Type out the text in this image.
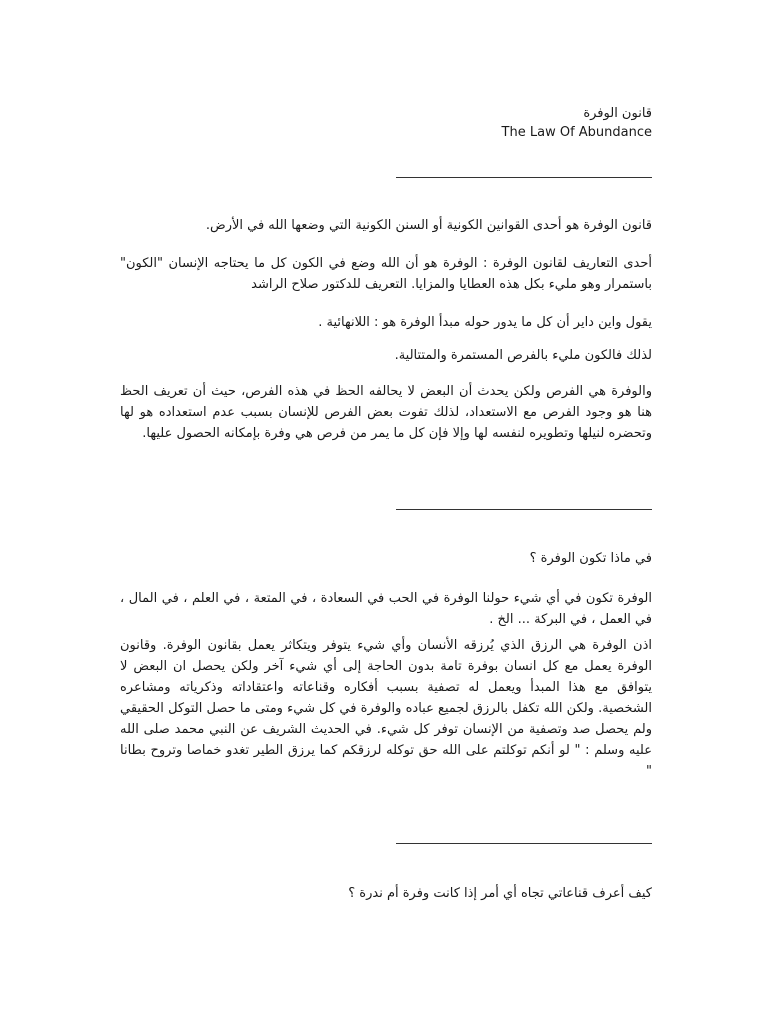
قانون الوفرة

The Law Of Abundance

قانون الوفرة هو أحدى القوانين الكونية أو السنن الكونية التي وضعها الله في الأرض.

أحدى التعاريف لقانون الوفرة : الوفرة هو أن الله وضع في الكون كل ما يحتاجه الإنسان "الكون" باستمرار وهو مليء بكل هذه العطايا والمزايا. التعريف للدكتور صلاح الراشد

يقول واين داير أن كل ما يدور حوله مبدأ الوفرة هو : اللانهائية .

لذلك فالكون مليء بالفرص المستمرة والمتتالية.

والوفرة هي الفرص ولكن يحدث أن البعض لا يحالفه الحظ في هذه الفرص، حيث أن تعريف الحظ هنا هو وجود الفرص مع الاستعداد، لذلك تفوت بعض الفرص للإنسان بسبب عدم استعداده هو لها وتحضره لنيلها وتطويره لنفسه لها وإلا فإن كل ما يمر من فرص هي وفرة بإمكانه الحصول عليها.

في ماذا تكون الوفرة ؟

الوفرة تكون في أي شيء حولنا الوفرة في الحب في السعادة ، في المتعة ، في العلم ، في المال ، في العمل ، في البركة ... الخ .

اذن الوفرة هي الرزق الذي يُرزقه الأنسان وأي شيء يتوفر ويتكاثر يعمل بقانون الوفرة. وقانون الوفرة يعمل مع كل انسان بوفرة تامة بدون الحاجة إلى أي شيء آخر ولكن يحصل ان البعض لا يتوافق مع هذا المبدأ ويعمل له تصفية بسبب أفكاره وقناعاته واعتقاداته وذكرياته ومشاعره الشخصية. ولكن الله تكفل بالرزق لجميع عباده والوفرة في كل شيء ومتى ما حصل التوكل الحقيقي ولم يحصل صد وتصفية من الإنسان توفر كل شيء. في الحديث الشريف عن النبي محمد صلى الله عليه وسلم : " لو أنكم توكلتم على الله حق توكله لرزقكم كما يرزق الطير تغدو خماصا وتروح بطانا "

كيف أعرف قناعاتي تجاه أي أمر إذا كانت وفرة أم ندرة ؟
